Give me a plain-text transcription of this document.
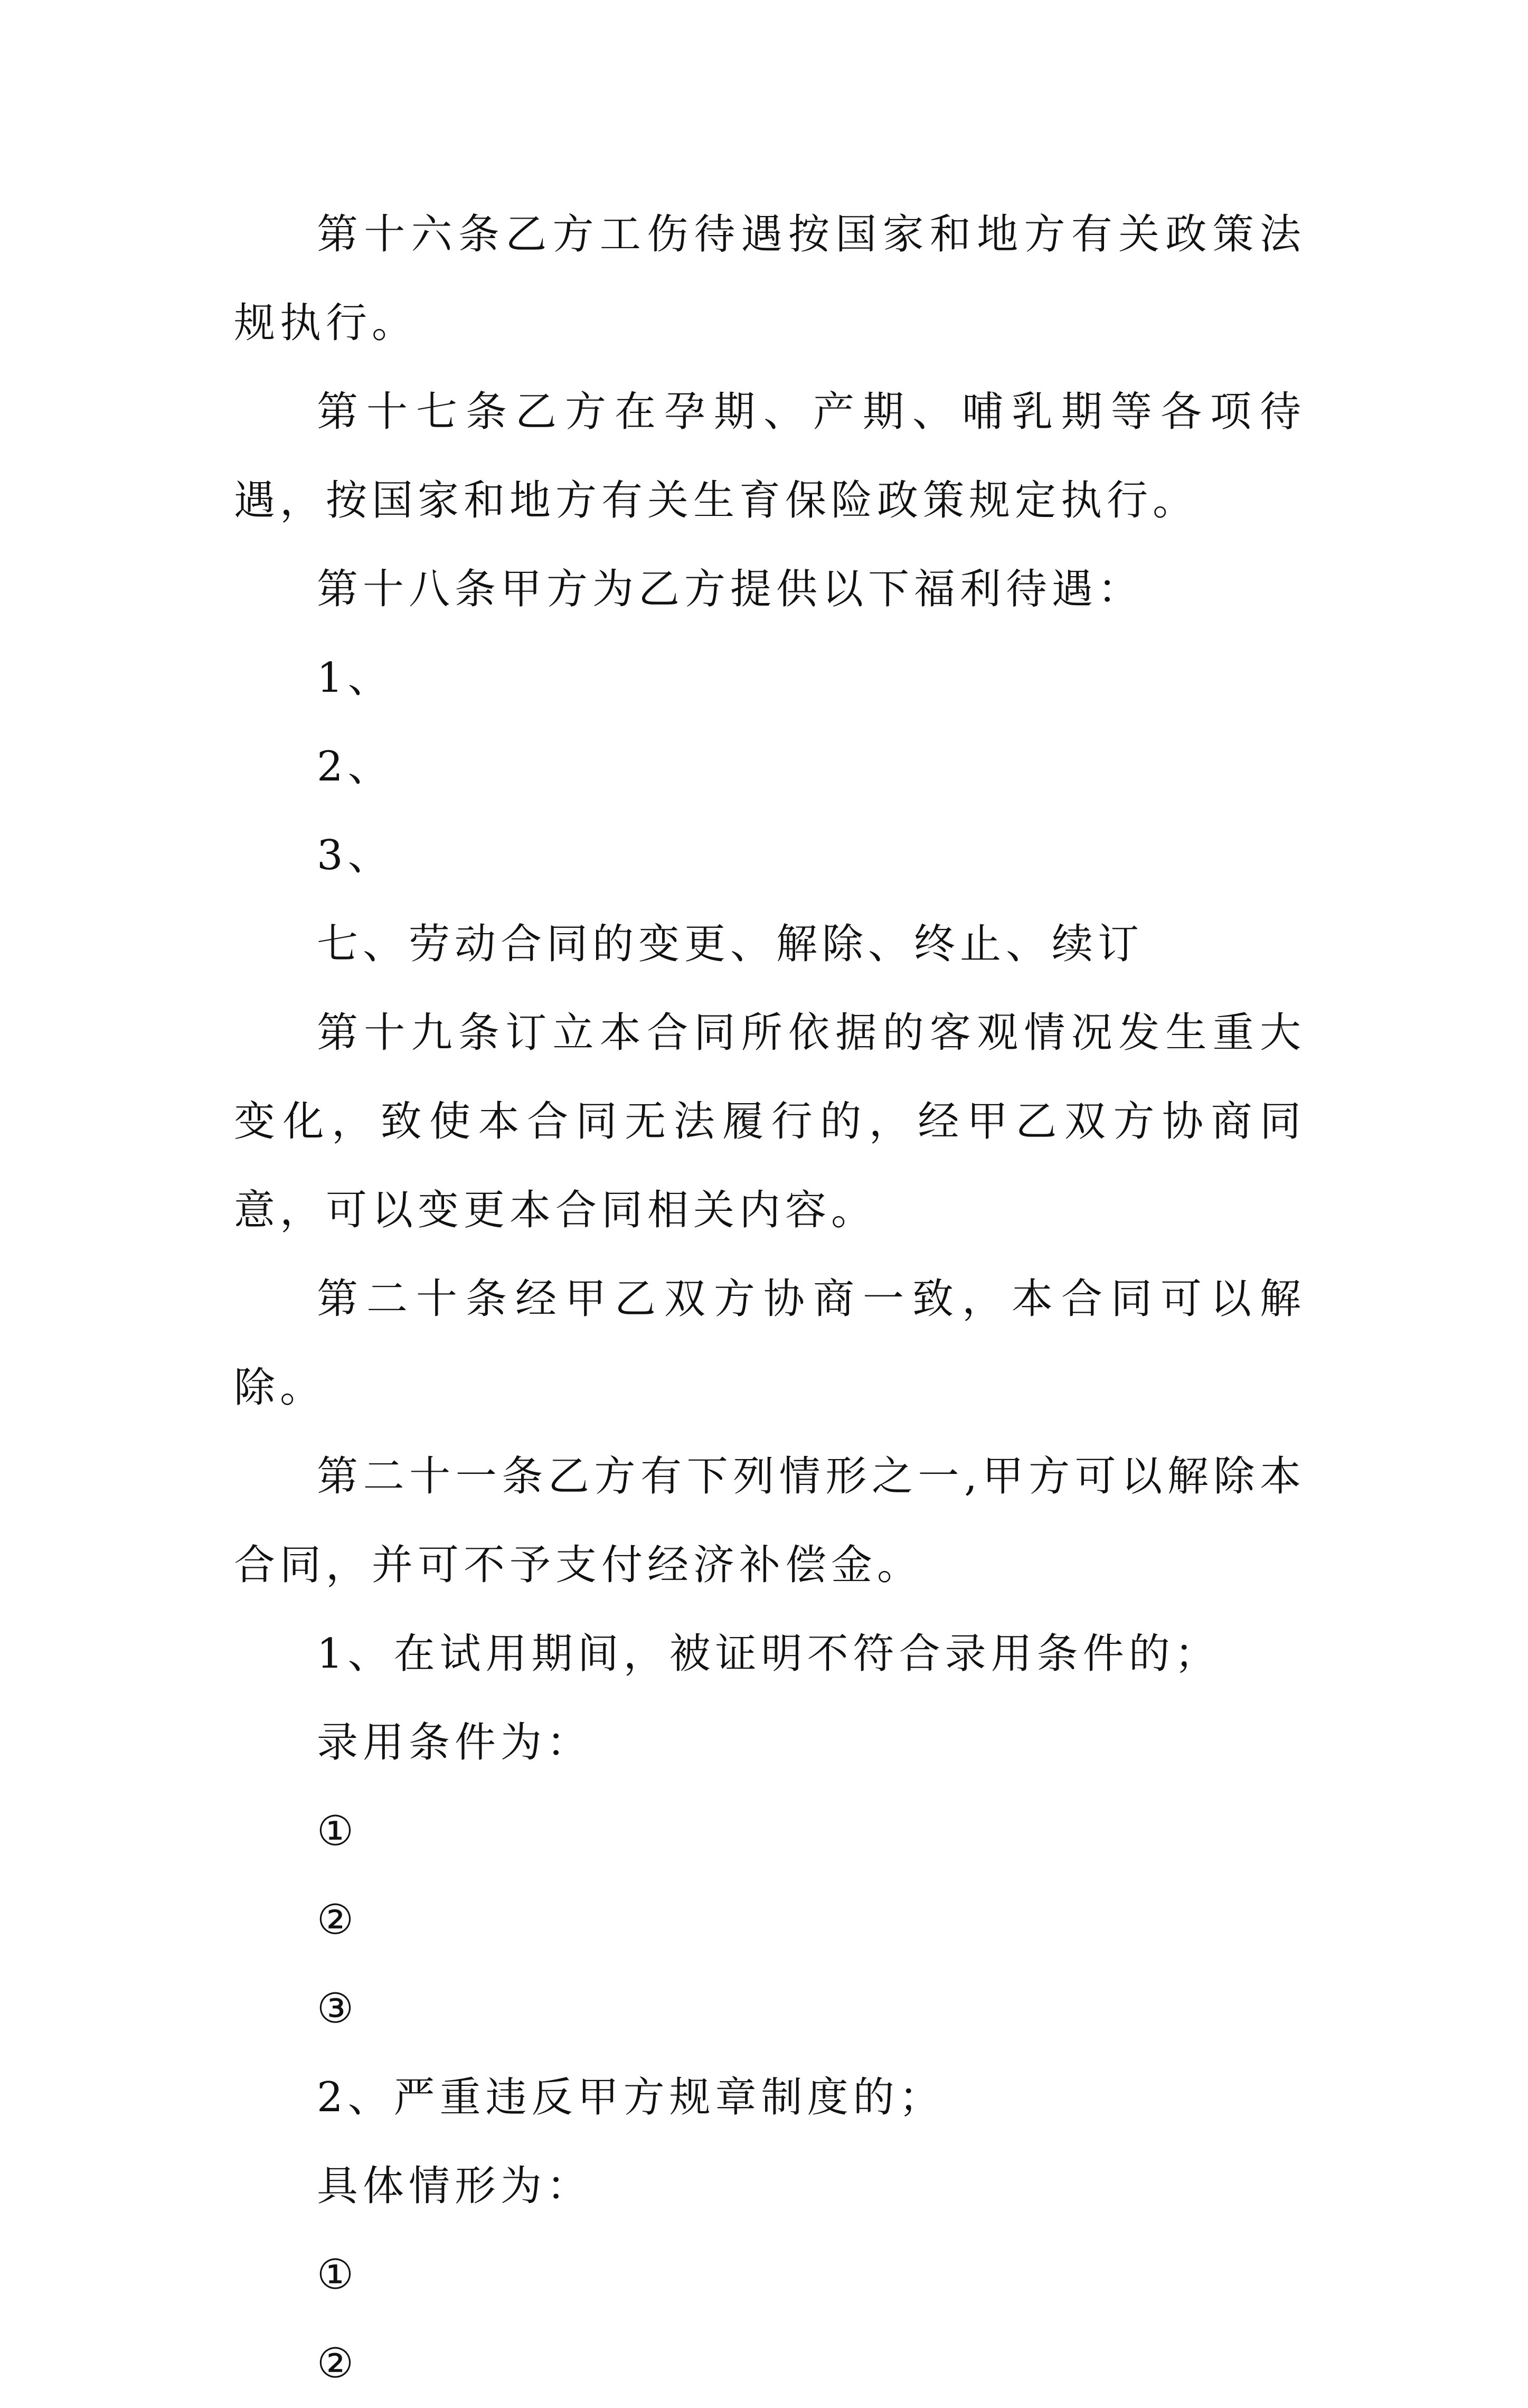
第十六条乙方工伤待遇按国家和地方有关政策法规执行。

第十七条乙方在孕期、产期、哺乳期等各项待遇，按国家和地方有关生育保险政策规定执行。

第十八条甲方为乙方提供以下福利待遇：

1、

2、

3、

七、劳动合同的变更、解除、终止、续订

第十九条订立本合同所依据的客观情况发生重大变化，致使本合同无法履行的，经甲乙双方协商同意，可以变更本合同相关内容。

第二十条经甲乙双方协商一致，本合同可以解除。

第二十一条乙方有下列情形之一,甲方可以解除本合同，并可不予支付经济补偿金。

1、在试用期间，被证明不符合录用条件的；

录用条件为：

①

②

③

2、严重违反甲方规章制度的；

具体情形为：

①

②
